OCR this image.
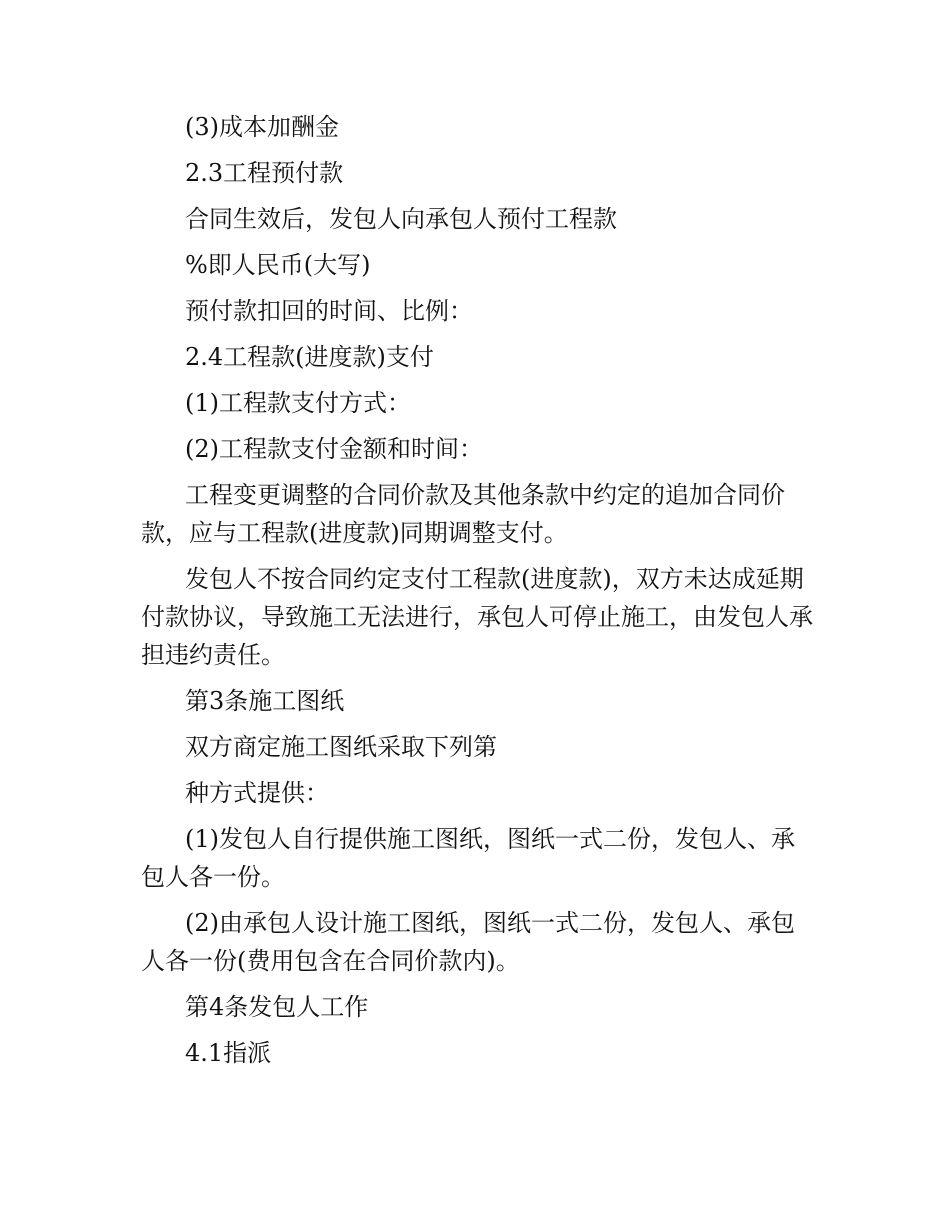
(3)成本加酬金

2.3工程预付款

合同生效后，发包人向承包人预付工程款

%即人民币(大写)

预付款扣回的时间、比例：

2.4工程款(进度款)支付

(1)工程款支付方式：

(2)工程款支付金额和时间：

工程变更调整的合同价款及其他条款中约定的追加合同价款，应与工程款(进度款)同期调整支付。

发包人不按合同约定支付工程款(进度款)，双方未达成延期付款协议，导致施工无法进行，承包人可停止施工，由发包人承担违约责任。

第3条施工图纸

双方商定施工图纸采取下列第

种方式提供：

(1)发包人自行提供施工图纸，图纸一式二份，发包人、承包人各一份。

(2)由承包人设计施工图纸，图纸一式二份，发包人、承包人各一份(费用包含在合同价款内)。

第4条发包人工作

4.1指派
